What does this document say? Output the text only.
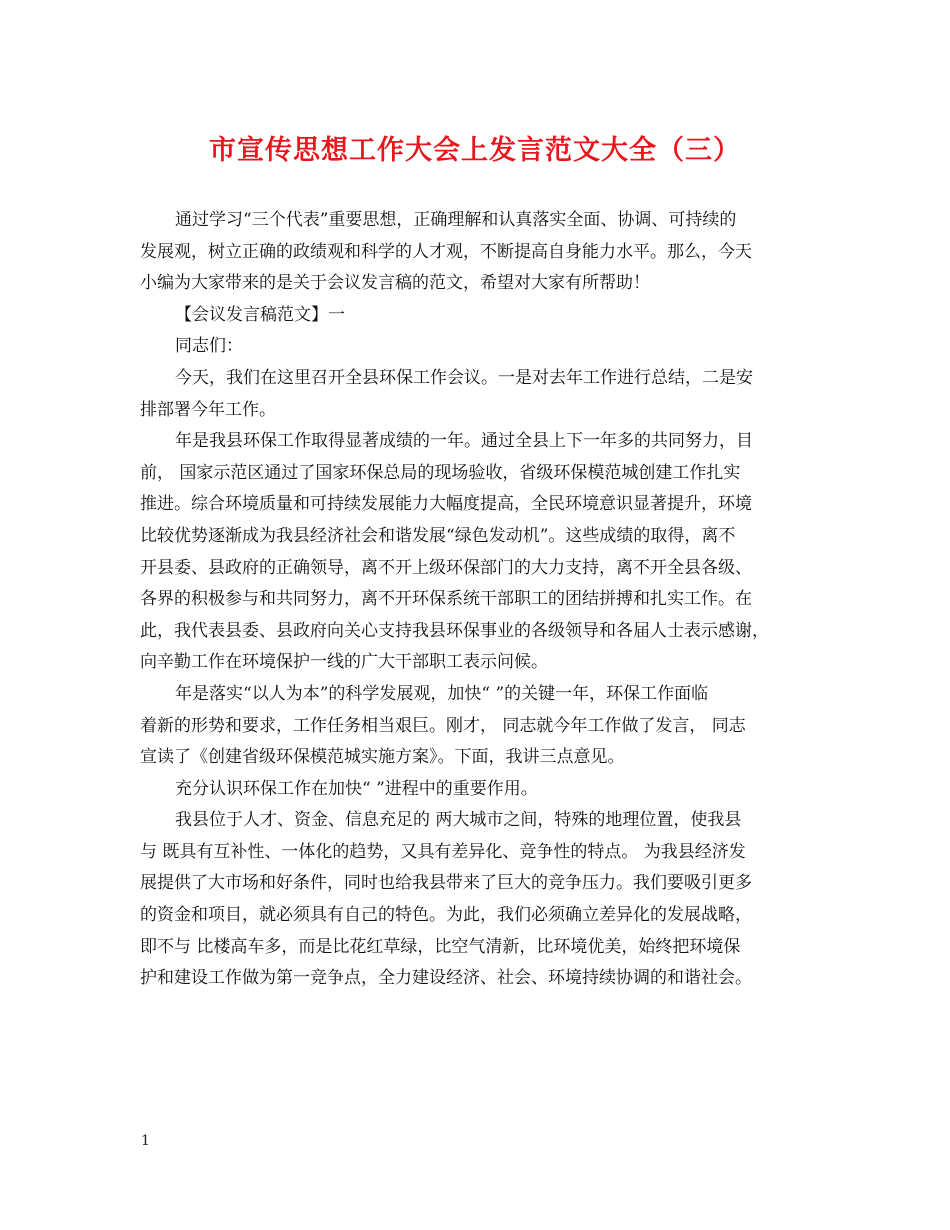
市宣传思想工作大会上发言范文大全（三）
通过学习“三个代表”重要思想，正确理解和认真落实全面、协调、可持续的
发展观，树立正确的政绩观和科学的人才观，不断提高自身能力水平。那么，今天
小编为大家带来的是关于会议发言稿的范文，希望对大家有所帮助！
【会议发言稿范文】一
同志们：
今天，我们在这里召开全县环保工作会议。一是对去年工作进行总结，二是安
排部署今年工作。
年是我县环保工作取得显著成绩的一年。通过全县上下一年多的共同努力，目
前， 国家示范区通过了国家环保总局的现场验收，省级环保模范城创建工作扎实
推进。综合环境质量和可持续发展能力大幅度提高，全民环境意识显著提升，环境
比较优势逐渐成为我县经济社会和谐发展“绿色发动机”。这些成绩的取得，离不
开县委、县政府的正确领导，离不开上级环保部门的大力支持，离不开全县各级、
各界的积极参与和共同努力，离不开环保系统干部职工的团结拼搏和扎实工作。在
此，我代表县委、县政府向关心支持我县环保事业的各级领导和各届人士表示感谢，
向辛勤工作在环境保护一线的广大干部职工表示问候。
年是落实“以人为本”的科学发展观，加快“ ”的关键一年，环保工作面临
着新的形势和要求，工作任务相当艰巨。刚才， 同志就今年工作做了发言， 同志
宣读了《创建省级环保模范城实施方案》。下面，我讲三点意见。
充分认识环保工作在加快“ ”进程中的重要作用。
我县位于人才、资金、信息充足的 两大城市之间，特殊的地理位置，使我县
与 既具有互补性、一体化的趋势，又具有差异化、竞争性的特点。 为我县经济发
展提供了大市场和好条件，同时也给我县带来了巨大的竞争压力。我们要吸引更多
的资金和项目，就必须具有自己的特色。为此，我们必须确立差异化的发展战略，
即不与 比楼高车多，而是比花红草绿，比空气清新，比环境优美，始终把环境保
护和建设工作做为第一竞争点，全力建设经济、社会、环境持续协调的和谐社会。
1
